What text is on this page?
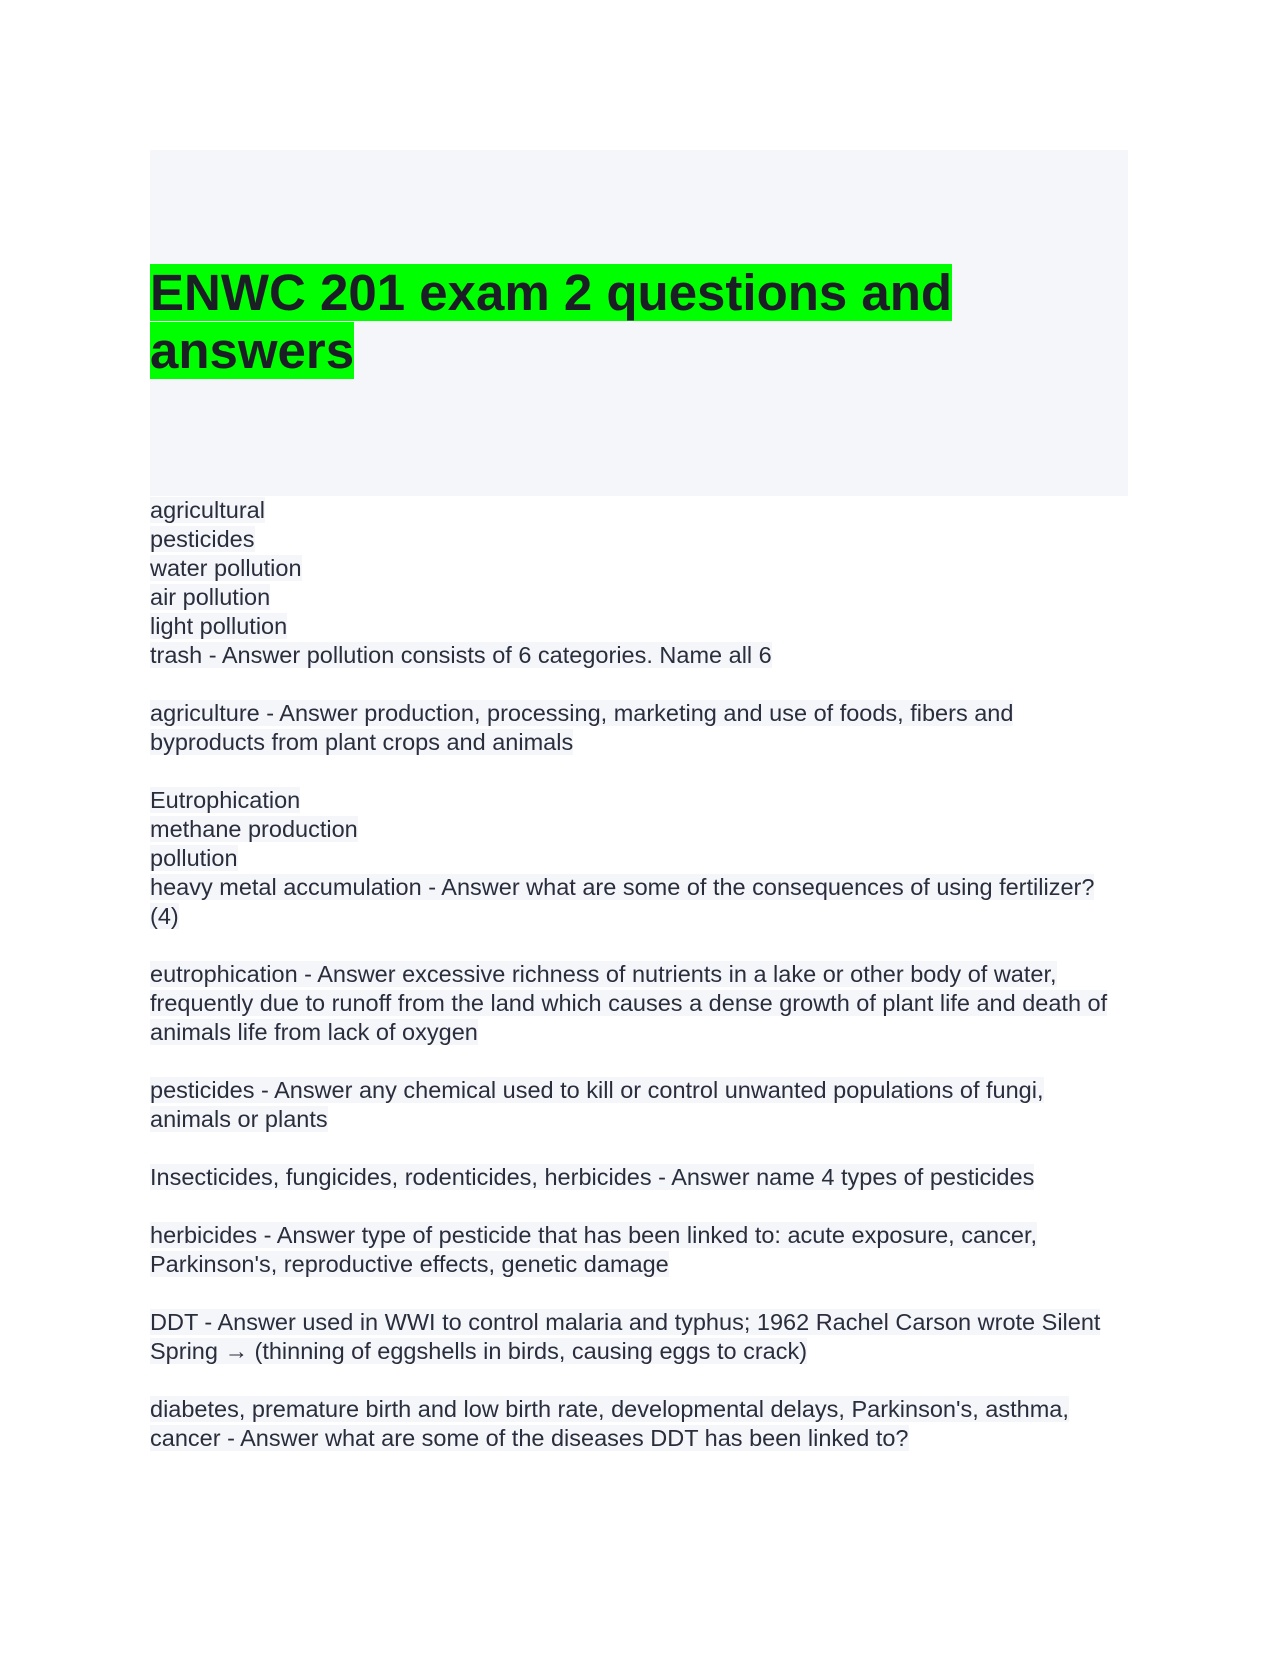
ENWC 201 exam 2 questions and answers
agricultural
pesticides
water pollution
air pollution
light pollution
trash - Answer pollution consists of 6 categories. Name all 6
agriculture - Answer production, processing, marketing and use of foods, fibers and byproducts from plant crops and animals
Eutrophication
methane production
pollution
heavy metal accumulation - Answer what are some of the consequences of using fertilizer? (4)
eutrophication - Answer excessive richness of nutrients in a lake or other body of water, frequently due to runoff from the land which causes a dense growth of plant life and death of animals life from lack of oxygen
pesticides - Answer any chemical used to kill or control unwanted populations of fungi, animals or plants
Insecticides, fungicides, rodenticides, herbicides - Answer name 4 types of pesticides
herbicides - Answer type of pesticide that has been linked to: acute exposure, cancer, Parkinson's, reproductive effects, genetic damage
DDT - Answer used in WWI to control malaria and typhus; 1962 Rachel Carson wrote Silent Spring → (thinning of eggshells in birds, causing eggs to crack)
diabetes, premature birth and low birth rate, developmental delays, Parkinson's, asthma, cancer - Answer what are some of the diseases DDT has been linked to?
